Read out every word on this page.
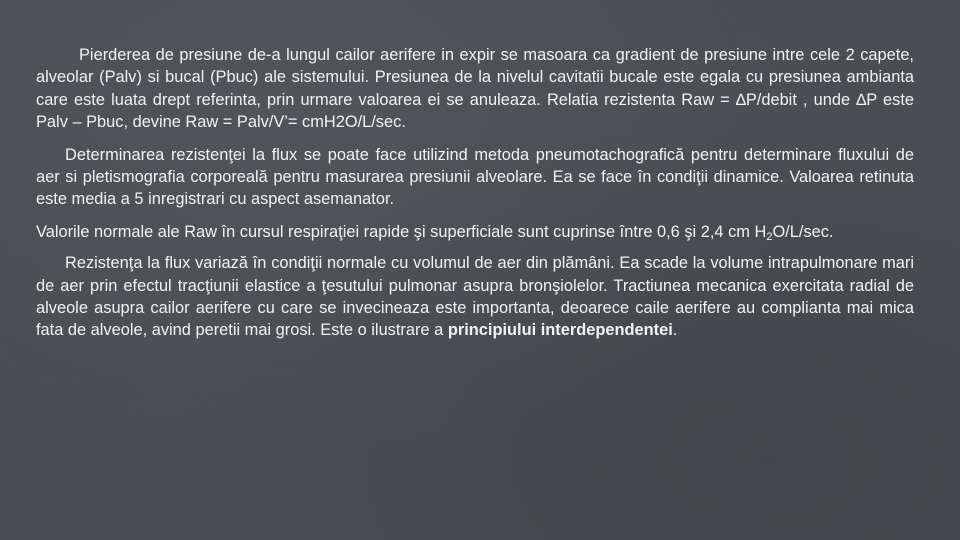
Pierderea de presiune de-a lungul cailor aerifere in expir se masoara ca gradient de presiune intre cele 2 capete, alveolar (Palv) si bucal (Pbuc) ale sistemului. Presiunea de la nivelul cavitatii bucale este egala cu presiunea ambianta care este luata drept referinta, prin urmare valoarea ei se anuleaza. Relatia rezistenta Raw = ∆P/debit , unde ∆P este Palv – Pbuc, devine Raw = Palv/V’= cmH2O/L/sec.

Determinarea rezistenţei la flux se poate face utilizind metoda pneumotachografică pentru determinare fluxului de aer si pletismografia corporeală pentru masurarea presiunii alveolare. Ea se face în condiţii dinamice. Valoarea retinuta este media a 5 inregistrari cu aspect asemanator.

Valorile normale ale Raw în cursul respiraţiei rapide şi superficiale sunt cuprinse între 0,6 şi 2,4 cm $H_2O/L/\sec$.

Rezistenţa la flux variază în condiţii normale cu volumul de aer din plămâni. Ea scade la volume intrapulmonare mari de aer prin efectul tracţiunii elastice a ţesutului pulmonar asupra bronşiolelor. Tractiunea mecanica exercitata radial de alveole asupra cailor aerifere cu care se invecineaza este importanta, deoarece caile aerifere au complianta mai mica fata de alveole, avind peretii mai grosi. Este o ilustrare a principiului interdependentei.
